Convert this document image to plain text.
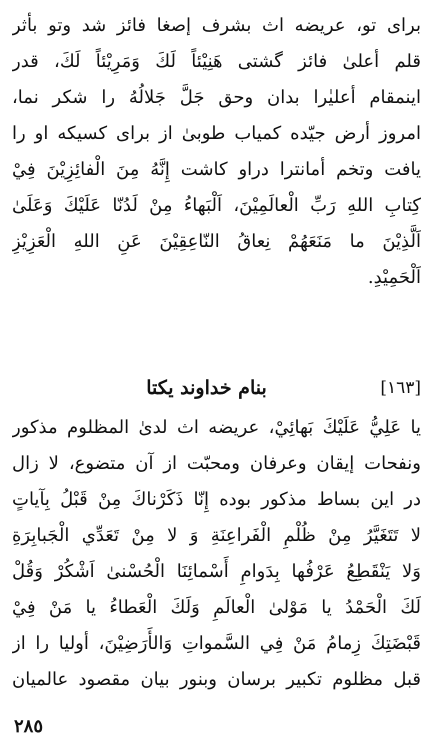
برای تو، عریضه اث بشرف إصغا فائز شد وتو بأثر
قلم أعلیٰ فائز گشتی هَنِیْئاً لَكَ وَمَرِیْئاً لَكَ، قدر
اینمقام أعلیٰرا بدان وحق جَلَّ جَلالُهُ را شکر نما،
امروز أرض جیّده کمیاب طوبیٰ از برای کسیکه او را
یافت وتخم أمانترا دراو کاشت إِنَّهُ مِنَ الْفائِزِیْنَ فِيْ
کِتابِ اللهِ رَبِّ الْعالَمِیْنَ، اَلْبَهاءُ مِنْ لَدُنّا عَلَیْكَ وَعَلَیٰ
اَلَّذِیْنَ ما مَنَعَهُمْ نِعاقُ النّاعِقِیْنَ عَنِ اللهِ الْعَزِیْزِ
اَلْحَمِیْدِ.
[١٦٣]
بنام خداوند یکتا
یا عَلِيُّ عَلَیْكَ بَهائِيْ، عریضه اث لدیٰ المظلوم مذکور
ونفحات إیقان وعرفان ومحبّت از آن متضوع، لا زال
در این بساط مذکور بوده إِنّا ذَکَرْناكَ مِنْ قَبْلُ بِآیاتٍ
لا تَتَغَیَّرُ مِنْ ظُلْمِ الْفَراعِنَةِ وَ لا مِنْ تَعَدِّي الْجَبابِرَةِ
وَلا یَنْقَطِعُ عَرْفُها بِدَوامِ أَسْمائِنَا الْحُسْنیٰ اَشْکُرْ وَقُلْ
لَكَ الْحَمْدُ یا مَوْلیٰ الْعالَمِ وَلَكَ الْعَطاءُ یا مَنْ فِيْ
قَبْضَتِكَ زِمامُ مَنْ فِي السَّمواتِ وَالأَرَضِیْنَ، أولیا را از
قبل مظلوم تکبیر برسان وبنور بیان مقصود عالمیان
٢٨٥
